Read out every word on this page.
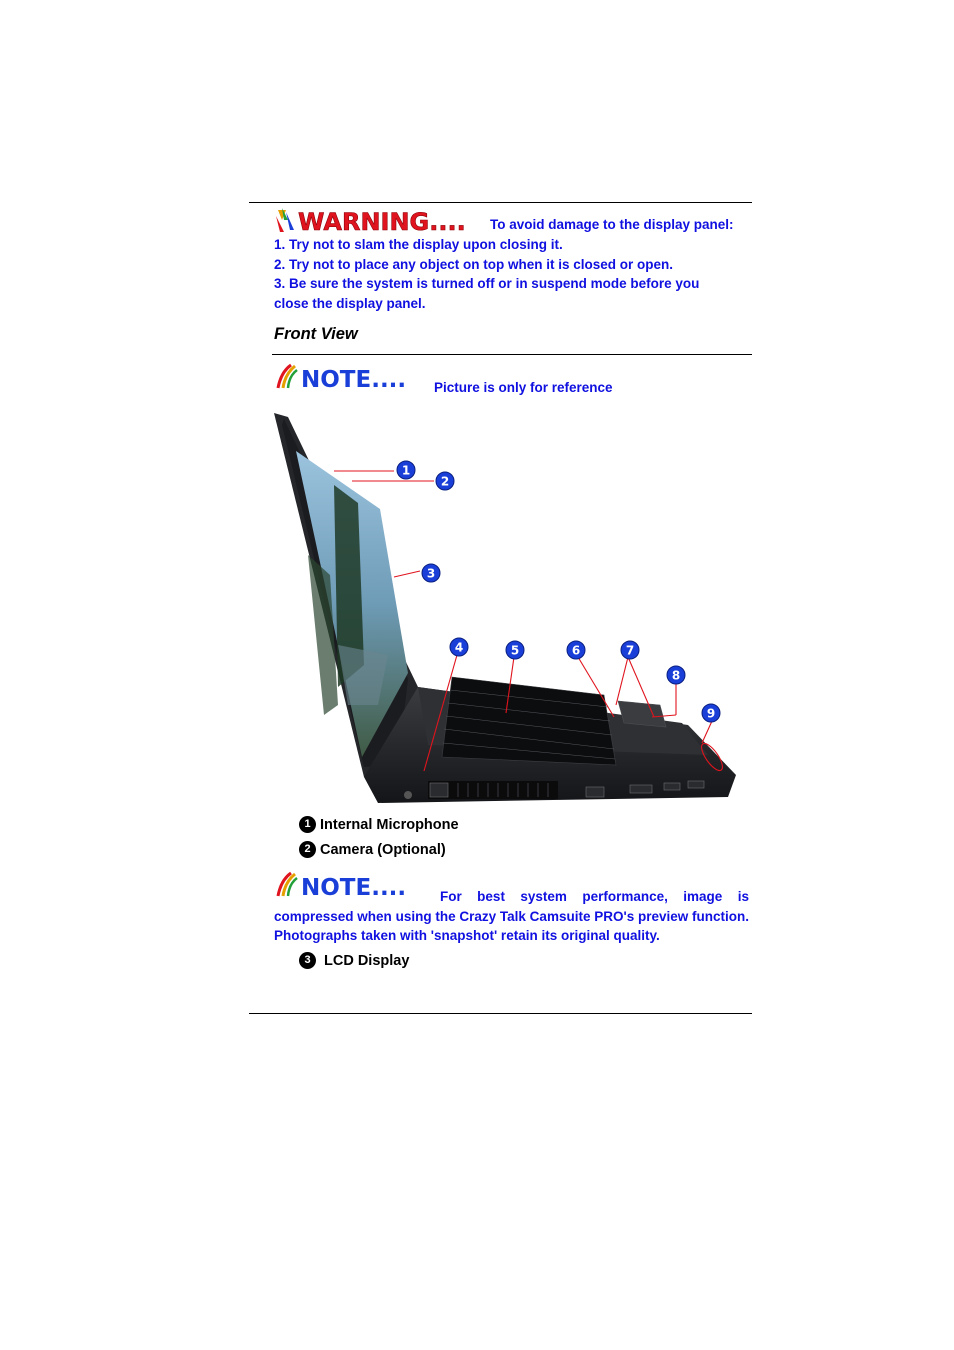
WARNING.... To avoid damage to the display panel:
1. Try not to slam the display upon closing it.
2. Try not to place any object on top when it is closed or open.
3. Be sure the system is turned off or in suspend mode before you
close the display panel.
Front View
NOTE.... Picture is only for reference
1
2
3
4	5	6	7
8
9
1 Internal Microphone
2 Camera (Optional)
NOTE....	For best system performance, image is compressed when using the Crazy Talk Camsuite PRO's preview function. Photographs taken with 'snapshot' retain its original quality.
3 LCD Display
